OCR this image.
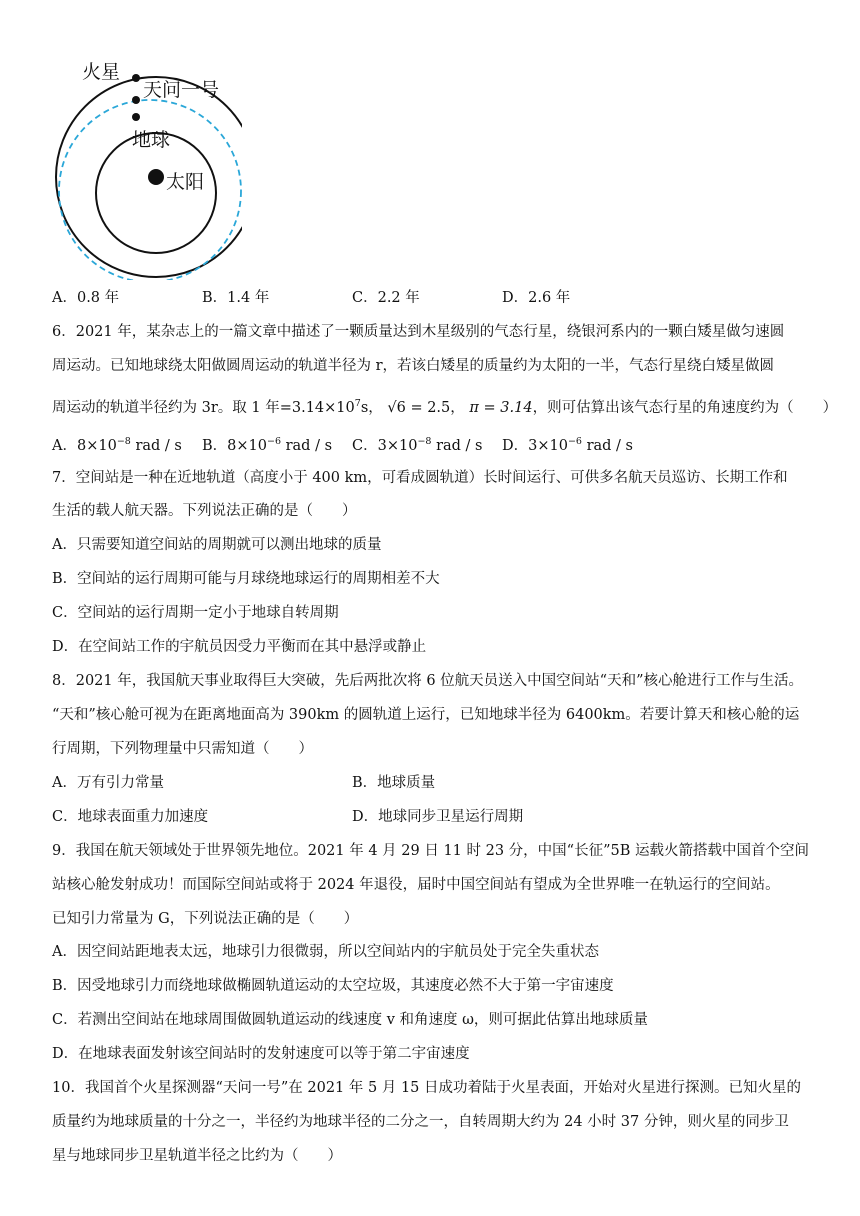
火星
天问一号
地球
太阳
A．0.8 年	B．1.4 年	C．2.2 年	D．2.6 年
6．2021 年，某杂志上的一篇文章中描述了一颗质量达到木星级别的气态行星，绕银河系内的一颗白矮星做匀速圆
周运动。已知地球绕太阳做圆周运动的轨道半径为 r，若该白矮星的质量约为太阳的一半，气态行星绕白矮星做圆
周运动的轨道半径约为 3r。取 1 年$=3.14\times 10^7s$， √6 = 2.5， π = 3.14，则可估算出该气态行星的角速度约为（　　）
A．$8\times 10^{-8}$ rad / s B．$8\times 10^{-6}$ rad / s C．$3\times 10^{-8}$ rad / s D．$3\times 10^{-6}$ rad / s
7．空间站是一种在近地轨道（高度小于 400 km，可看成圆轨道）长时间运行、可供多名航天员巡访、长期工作和
生活的载人航天器。下列说法正确的是（　　）
A．只需要知道空间站的周期就可以测出地球的质量
B．空间站的运行周期可能与月球绕地球运行的周期相差不大
C．空间站的运行周期一定小于地球自转周期
D．在空间站工作的宇航员因受力平衡而在其中悬浮或静止
8．2021 年，我国航天事业取得巨大突破，先后两批次将 6 位航天员送入中国空间站“天和”核心舱进行工作与生活。
“天和”核心舱可视为在距离地面高为 390km 的圆轨道上运行，已知地球半径为 6400km。若要计算天和核心舱的运
行周期，下列物理量中只需知道（　　）
A．万有引力常量	B．地球质量
C．地球表面重力加速度	D．地球同步卫星运行周期
9．我国在航天领域处于世界领先地位。2021 年 4 月 29 日 11 时 23 分，中国“长征”5B 运载火箭搭载中国首个空间
站核心舱发射成功！而国际空间站或将于 2024 年退役，届时中国空间站有望成为全世界唯一在轨运行的空间站。
已知引力常量为 G，下列说法正确的是（　　）
A．因空间站距地表太远，地球引力很微弱，所以空间站内的宇航员处于完全失重状态
B．因受地球引力而绕地球做椭圆轨道运动的太空垃圾，其速度必然不大于第一宇宙速度
C．若测出空间站在地球周围做圆轨道运动的线速度 v 和角速度 ω，则可据此估算出地球质量
D．在地球表面发射该空间站时的发射速度可以等于第二宇宙速度
10．我国首个火星探测器“天问一号”在 2021 年 5 月 15 日成功着陆于火星表面，开始对火星进行探测。已知火星的
质量约为地球质量的十分之一，半径约为地球半径的二分之一，自转周期大约为 24 小时 37 分钟，则火星的同步卫
星与地球同步卫星轨道半径之比约为（　　）
